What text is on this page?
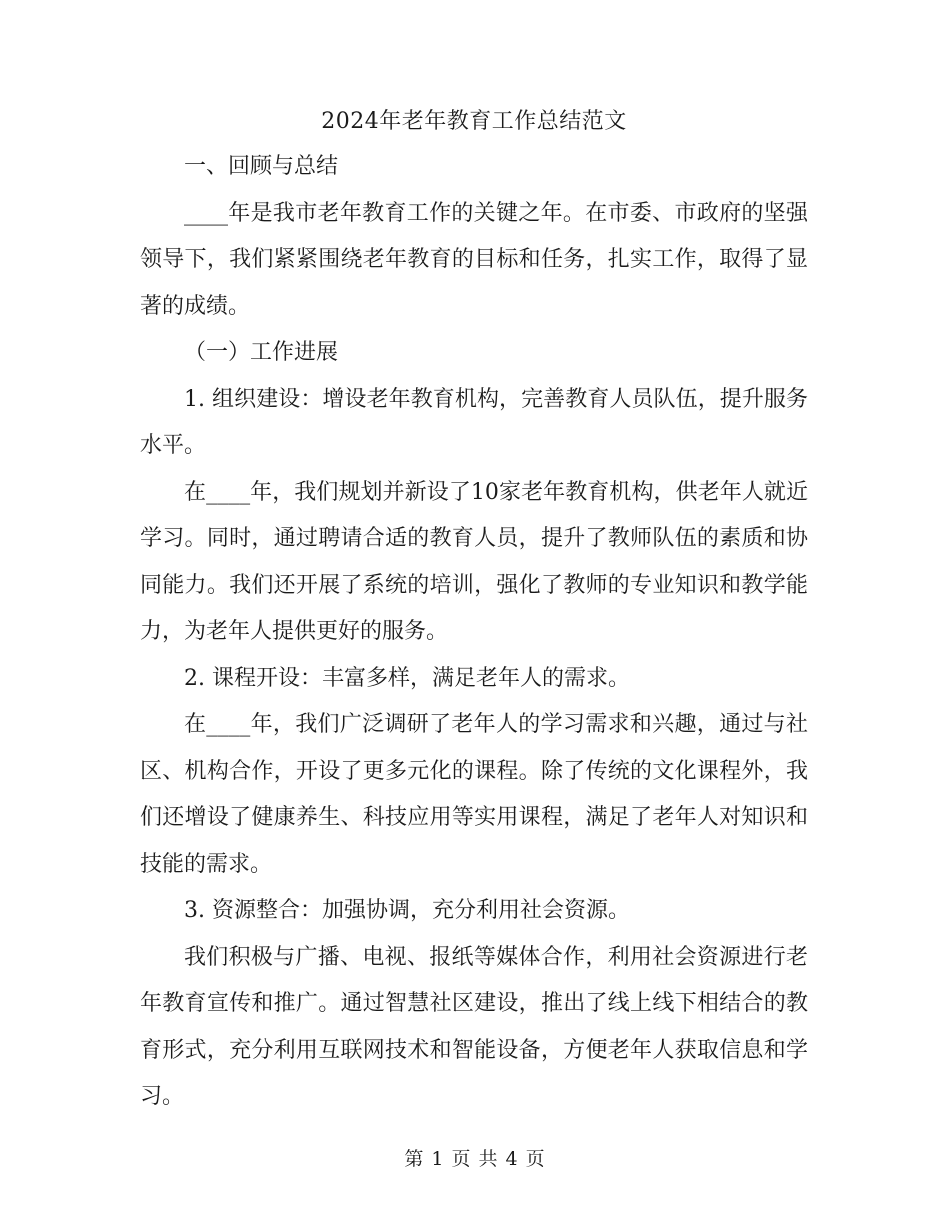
2024年老年教育工作总结范文

一、回顾与总结

____年是我市老年教育工作的关键之年。在市委、市政府的坚强领导下，我们紧紧围绕老年教育的目标和任务，扎实工作，取得了显著的成绩。

（一）工作进展

1. 组织建设：增设老年教育机构，完善教育人员队伍，提升服务水平。

在____年，我们规划并新设了10家老年教育机构，供老年人就近学习。同时，通过聘请合适的教育人员，提升了教师队伍的素质和协同能力。我们还开展了系统的培训，强化了教师的专业知识和教学能力，为老年人提供更好的服务。

2. 课程开设：丰富多样，满足老年人的需求。

在____年，我们广泛调研了老年人的学习需求和兴趣，通过与社区、机构合作，开设了更多元化的课程。除了传统的文化课程外，我们还增设了健康养生、科技应用等实用课程，满足了老年人对知识和技能的需求。

3. 资源整合：加强协调，充分利用社会资源。

我们积极与广播、电视、报纸等媒体合作，利用社会资源进行老年教育宣传和推广。通过智慧社区建设，推出了线上线下相结合的教育形式，充分利用互联网技术和智能设备，方便老年人获取信息和学习。

第 1 页 共 4 页
